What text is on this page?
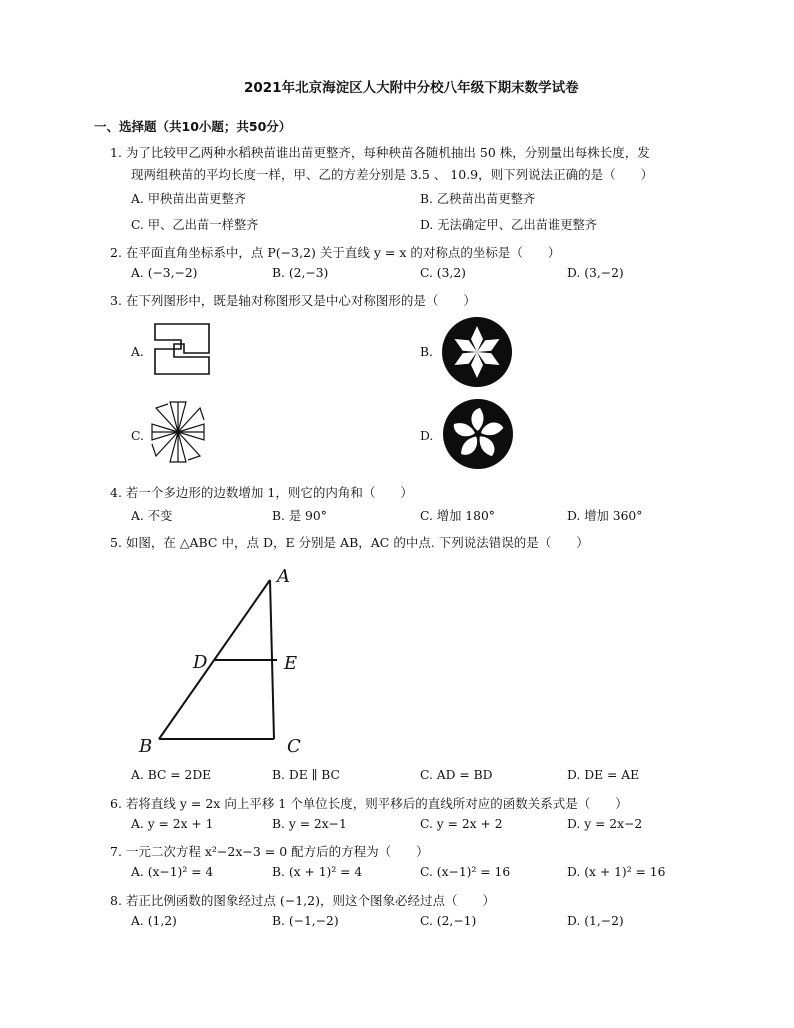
2021年北京海淀区人大附中分校八年级下期末数学试卷
一、选择题（共10小题；共50分）
1. 为了比较甲乙两种水稻秧苗谁出苗更整齐，每种秧苗各随机抽出 50 株，分别量出每株长度，发
现两组秧苗的平均长度一样，甲、乙的方差分别是 3.5 、 10.9，则下列说法正确的是（　　）
A. 甲秧苗出苗更整齐	B. 乙秧苗出苗更整齐
C. 甲、乙出苗一样整齐	D. 无法确定甲、乙出苗谁更整齐
2. 在平面直角坐标系中，点 P(−3,2) 关于直线 y = x 的对称点的坐标是（　　）
A. (−3,−2)	B. (2,−3)	C. (3,2)	D. (3,−2)
3. 在下列图形中，既是轴对称图形又是中心对称图形的是（　　）
A.	B.
C.	D.
4. 若一个多边形的边数增加 1，则它的内角和（　　）
A. 不变	B. 是 90°	C. 增加 180°	D. 增加 360°
5. 如图，在 △ABC 中，点 D，E 分别是 AB，AC 的中点. 下列说法错误的是（　　）
A
B	C
D	E
A. BC = 2DE	B. DE ∥ BC	C. AD = BD	D. DE = AE
6. 若将直线 y = 2x 向上平移 1 个单位长度，则平移后的直线所对应的函数关系式是（　　）
A. y = 2x + 1	B. y = 2x−1	C. y = 2x + 2	D. y = 2x−2
7. 一元二次方程 x²−2x−3 = 0 配方后的方程为（　　）
A. (x−1)² = 4	B. (x + 1)² = 4	C. (x−1)² = 16	D. (x + 1)² = 16
8. 若正比例函数的图象经过点 (−1,2)，则这个图象必经过点（　　）
A. (1,2)	B. (−1,−2)	C. (2,−1)	D. (1,−2)
